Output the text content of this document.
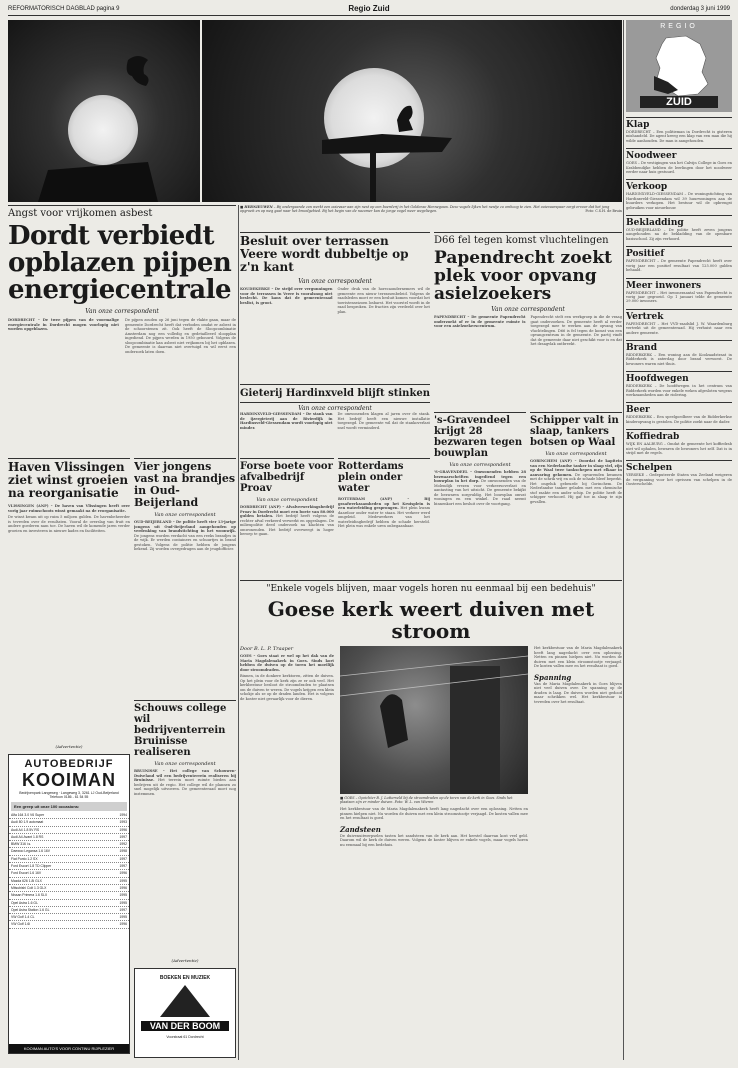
REFORMATORISCH DAGBLAD pagina 9	Regio Zuid	donderdag 3 juni 1999
Angst voor vrijkomen asbest
Dordt verbiedt opblazen pijpen energiecentrale
Van onze correspondent
DORDRECHT – De twee pijpen van de voormalige energiecentrale in Dordrecht mogen voorlopig niet worden opgeblazen.
De pijpen zouden op 26 juni tegen de vlakte gaan, maar de gemeente Dordrecht heeft dat verboden omdat er asbest in de schoorstenen zit. Ook heeft de Sloopcombinatie Amsterdam nog een volledig en gedetailleerd sloopplan ingediend. De pijpen werden in 1950 gebouwd. Volgens de sloopcombinatie kan asbest niet vrijkomen bij het opblazen. De gemeente is daarvan niet overtuigd en wil eerst een onderzoek laten doen.
■ HERNIEUWEN – Bij ondergaande zon werkt een ooievaar aan zijn nest op een boerderij in het Goldense Hennegouw. Deze vogels lijken het nestje zo omhoog te zien. Het ooievaarspaar zorgt ervoor dat het jong opgroeit en op weg gaat naar het broedgebied. Bij het begin van de nazomer kan de jonge vogel weer wegvliegen.	Foto: C.S.H. de Bruin
Besluit over terrassen Veere wordt dubbeltje op z'n kant
Van onze correspondent
KOUDEKERKE – De strijd over vergunningen voor de terrassen in Veere is vooralsnog niet beslecht. De kans dat de gemeenteraad beslist, is groot.
Onder druk van de horecaondernemers wil de gemeente een nieuw terrassenbeleid. Volgens de raadsleden moet er een besluit komen voordat het toeristenseizoen losbarst. Het voorstel wordt in de raad besproken. De fracties zijn verdeeld over het plan.
Gieterij Hardinxveld blijft stinken
Van onze correspondent
HARDINXVELD-GIESSENDAM – De stank van de ijzergieterij aan de Rivierdijk in Hardinxveld-Giessendam wordt voorlopig niet minder.
De omwonenden klagen al jaren over de stank. Het bedrijf heeft een nieuwe installatie toegezegd. De gemeente wil dat de stankoverlast snel wordt verminderd.
D66 fel tegen komst vluchtelingen
Papendrecht zoekt plek voor opvang asielzoekers
Van onze correspondent
PAPENDRECHT – De gemeente Papendrecht onderzoekt of er in de gemeente ruimte is voor een asielzoekerscentrum.
Papendrecht stelt een werkgroep in die de vraag gaat onderzoeken. De gemeente heeft al eerder toegezegd mee te werken aan de opvang van vluchtelingen. D66 is fel tegen de komst van een opvangcentrum in de gemeente. De partij vindt dat de gemeente daar niet geschikt voor is en dat het draagvlak ontbreekt.
's-Gravendeel krijgt 28 bezwaren tegen bouwplan
Van onze correspondent
'S-GRAVENDEEL – Omwonenden hebben 28 bezwaarschriften ingediend tegen een bouwplan in het dorp. De omwonenden van de Molendijk vrezen voor verkeersoverlast en aantasting van het uitzicht. De gemeente bekijkt de bezwaren zorgvuldig. Het bouwplan omvat woningen en een winkel. De raad neemt binnenkort een besluit over de voortgang.
Schipper valt in slaap, tankers botsen op Waal
Van onze correspondent
GORINCHEM (ANP) – Doordat de kapitein van een Nederlandse tanker in slaap viel, zijn op de Waal twee tankschepen met elkaar in aanvaring gekomen. De opvarenden kwamen met de schrik vrij en ook de schade bleef beperkt. Het ongeluk gebeurde bij Gorinchem. De Nederlandse tanker geladen met een chemische stof raakte een ander schip. De politie heeft de schipper verhoord. Hij gaf toe in slaap te zijn gevallen.
Haven Vlissingen ziet winst groeien na reorganisatie
VLISSINGEN (ANP) – De haven van Vlissingen heeft over vorig jaar ruimschoots winst gemaakt na de reorganisatie.
De winst kwam uit op ruim 5 miljoen gulden. De havenbeheerder is tevreden over de resultaten. Vooral de overslag van fruit en andere goederen nam toe. De haven wil de komende jaren verder groeien en investeren in nieuwe kades en faciliteiten.
Vier jongens vast na brandjes in Oud-Beijerland
Van onze correspondent
OUD-BEIJERLAND – De politie heeft vier 13-jarige jongens uit Oud-Beijerland aangehouden op verdenking van brandstichting in het woonwijk. De jongens worden verdacht van een reeks brandjes in de wijk. Er werden containers en schuurtjes in brand gestoken. Volgens de politie hebben de jongens bekend. Zij worden overgedragen aan de jeugdofficier.
Forse boete voor afvalbedrijf Proav
Van onze correspondent
DORDRECHT (ANP) – Afvalverwerkingsbedrijf Proav in Dordrecht moet een boete van 80.000 gulden betalen. Het bedrijf heeft volgens de rechter afval verkeerd verwerkt en opgeslagen. De milieupolitie deed onderzoek na klachten van omwonenden. Het bedrijf overweegt in hoger beroep te gaan.
Rotterdams plein onder water
ROTTERDAM (ANP) – Bij graafwerkzaamheden op het Kruisplein is een waterleiding gesprongen. Het plein kwam daardoor onder water te staan. Het verkeer werd omgeleid. Medewerkers van het waterleidingbedrijf hebben de schade hersteld. Het plein was enkele uren onbegaanbaar.
"Enkele vogels blijven, maar vogels horen nu eenmaal bij een bedehuis"
Goese kerk weert duiven met stroom
Door B. L. P. Traaper
GOES – Goes staat er wel op het dak van de Maria Magdalenakerk in Goes. Sinds kort hebben de duiven op de toren het moeilijk door stroomdraden.
Binnen, in de donkere kerktoren, zitten de duiven. Op het plein voor de kerk zijn ze er ook veel. Het kerkbestuur besloot de stroomdraden te plaatsen om de duiven te weren. De vogels krijgen een klein schokje als ze op de draden landen. Het is volgens de koster niet gevaarlijk voor de dieren.
■ GOES – Opzichter B. J. Lutterveld bij de stroomdraden op de toren van de kerk in Goes. Sinds het plaatsen zijn er minder duiven. Foto: W. L. van Wieren
Het kerkbestuur van de Maria Magdalenakerk heeft lang nagedacht over een oplossing. Netten en pinnen hielpen niet. Nu worden de duiven met een klein stroomstootje verjaagd. De kosten vallen mee en het resultaat is goed.
Zandsteen
De duivenuitwerpselen tasten het zandsteen van de kerk aan. Het herstel daarvan kost veel geld. Daarom wil de kerk de duiven weren. Volgens de koster blijven er enkele vogels, maar vogels horen nu eenmaal bij een bedehuis.
Het kerkbestuur van de Maria Magdalenakerk heeft lang nagedacht over een oplossing. Netten en pinnen hielpen niet. Nu worden de duiven met een klein stroomstootje verjaagd. De kosten vallen mee en het resultaat is goed.
Spanning
Van de Maria Magdalenakerk in Goes blijven niet veel duiven over. De spanning op de draden is laag. De duiven worden niet gedood maar schrikken wel. Het kerkbestuur is tevreden over het resultaat.
Schouws college wil bedrijventerrein Bruinisse realiseren
Van onze correspondent
BRUINISSE – Het college van Schouwen-Duiveland wil een bedrijventerrein realiseren bij Bruinisse. Het terrein moet ruimte bieden aan bedrijven uit de regio. Het college wil de plannen zo snel mogelijk uitvoeren. De gemeenteraad moet nog instemmen.
(Advertentie)
AUTOBEDRIJF
KOOIMAN
Bedrijvenpark Langeweg · Langeweg 3, 3261 LJ Oud-Beijerland
Telefoon 0186 - 61 54 55
Een greep uit onze 100 occasions:
Alfa 164 3.0 V6 Super	1994
Audi 80 1.9 automaat	1993
Audi A4 1.8 5V RS	1996
Audi A4 Avant 1.8 RS	1997
BMW 316 i.s.	1992
Daewoo Legansa 1.6 16V	1998
Fiat Punto 1.2 SX	1997
Ford Escort 1.8 TD Clipper	1997
Ford Escort 1.6 16V	1996
Mazda 626 1.8i GLX	1995
Mitsubishi Colt 1.3 GLX	1996
Nissan Primera 1.6 SLX	1995
Opel Astra 1.6 GL	1995
Opel Astra Station 1.6 GL	1997
VW Golf 1.4 CL	1995
VW Golf 1.6i	1996
KOOIMAN AUTO'S VOOR CONTINU RIJPLEZIER
(Advertentie)
BOEKEN EN MUZIEK
VAN DER BOOM
Voorstraat 61 Dordrecht
REGIO
ZUID
Klap
DORDRECHT – Een politieman in Dordrecht is gisteren mishandeld. De agent kreeg een klap van een man die hij wilde aanhouden. De man is aangehouden.
Noodweer
GOES – De vestigingen van het Calvijn College in Goes en Krabbendijke hebben de leerlingen door het noodweer eerder naar huis gestuurd.
Verkoop
HARDINXVELD-GIESSENDAM – De woningstichting van Hardinxveld-Giessendam wil 39 huurwoningen aan de huurders verkopen. Het bestuur wil de opbrengst gebruiken voor nieuwbouw.
Bekladding
OUD-BEIJERLAND – De politie heeft zeven jongens aangehouden na de bekladding van de openbare basisschool. Zij zijn verhoord.
Positief
PAPENDRECHT – De gemeente Papendrecht heeft over vorig jaar een positief resultaat van 125.000 gulden behaald.
Meer inwoners
PAPENDRECHT – Het inwoneraantal van Papendrecht is vorig jaar gegroeid. Op 1 januari telde de gemeente 29.000 inwoners.
Vertrek
PAPENDRECHT – Het VVD-raadslid J. W. Waardenburg vertrekt uit de gemeenteraad. Hij verhuist naar een andere gemeente.
Brand
RIDDERKERK – Een woning aan de Koolzaadstraat in Ridderkerk is zaterdag door brand verwoest. De bewoners waren niet thuis.
Hoofdwegen
RIDDERKERK – De hoofdwegen in het centrum van Ridderkerk worden voor enkele weken afgesloten wegens werkzaamheden aan de riolering.
Beer
RIDDERKERK – Een speelgoedbeer van de Ridderkerkse kinderopvang is gestolen. De politie zoekt naar de dader.
Koffiedrab
WIJK EN AALBURG – Omdat de gemeente het koffiedrab niet wil ophalen, bewaren de bewoners het zelf. Dat is in strijd met de regels.
Schelpen
YERSEKE – Gedeputeerde Staten van Zeeland weigeren de vergunning voor het opvissen van schelpen in de Oosterschelde.
